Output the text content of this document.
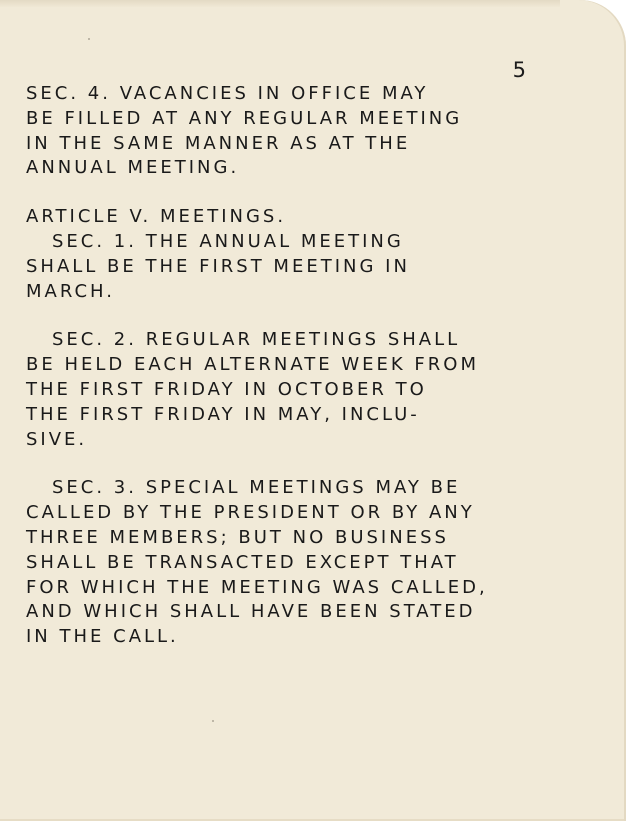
5
SEC. 4. VACANCIES IN OFFICE MAY
BE FILLED AT ANY REGULAR MEETING
IN THE SAME MANNER AS AT THE
ANNUAL MEETING.
ARTICLE V. MEETINGS.
SEC. 1. THE ANNUAL MEETING
SHALL BE THE FIRST MEETING IN
MARCH.
SEC. 2. REGULAR MEETINGS SHALL
BE HELD EACH ALTERNATE WEEK FROM
THE FIRST FRIDAY IN OCTOBER TO
THE FIRST FRIDAY IN MAY, INCLU-
SIVE.
SEC. 3. SPECIAL MEETINGS MAY BE
CALLED BY THE PRESIDENT OR BY ANY
THREE MEMBERS; BUT NO BUSINESS
SHALL BE TRANSACTED EXCEPT THAT
FOR WHICH THE MEETING WAS CALLED,
AND WHICH SHALL HAVE BEEN STATED
IN THE CALL.
